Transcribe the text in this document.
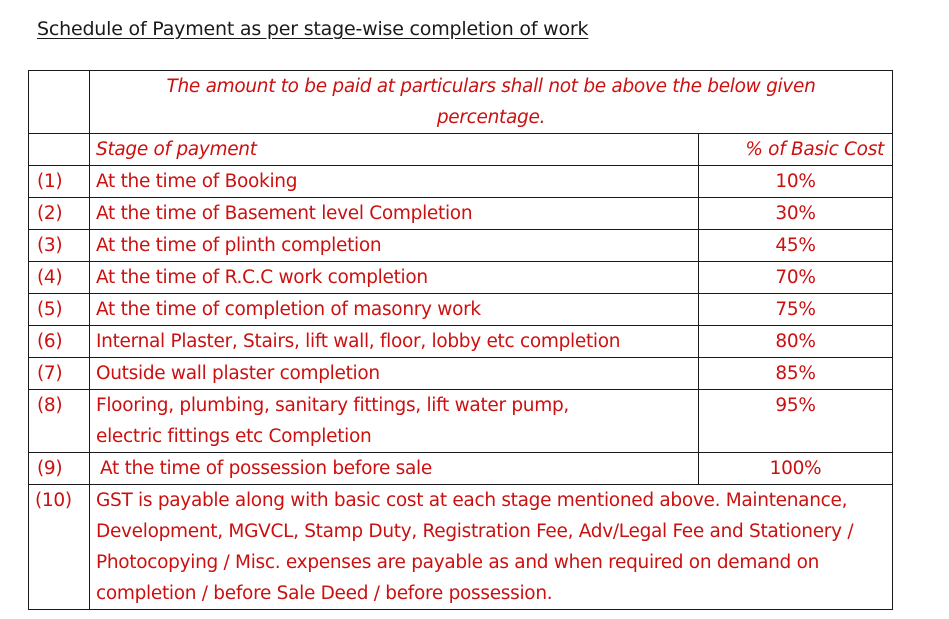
Schedule of Payment as per stage-wise completion of work
	The amount to be paid at particulars shall not be above the below given percentage.	
	Stage of payment	% of Basic Cost
(1)	At the time of Booking	10%
(2)	At the time of Basement level Completion	30%
(3)	At the time of plinth completion	45%
(4)	At the time of R.C.C work completion	70%
(5)	At the time of completion of masonry work	75%
(6)	Internal Plaster, Stairs, lift wall, floor, lobby etc completion	80%
(7)	Outside wall plaster completion	85%
(8)	Flooring, plumbing, sanitary fittings, lift water pump, electric fittings etc Completion	95%
(9)	At the time of possession before sale	100%
(10)	GST is payable along with basic cost at each stage mentioned above. Maintenance, Development, MGVCL, Stamp Duty, Registration Fee, Adv/Legal Fee and Stationery / Photocopying / Misc. expenses are payable as and when required on demand on completion / before Sale Deed / before possession.	
